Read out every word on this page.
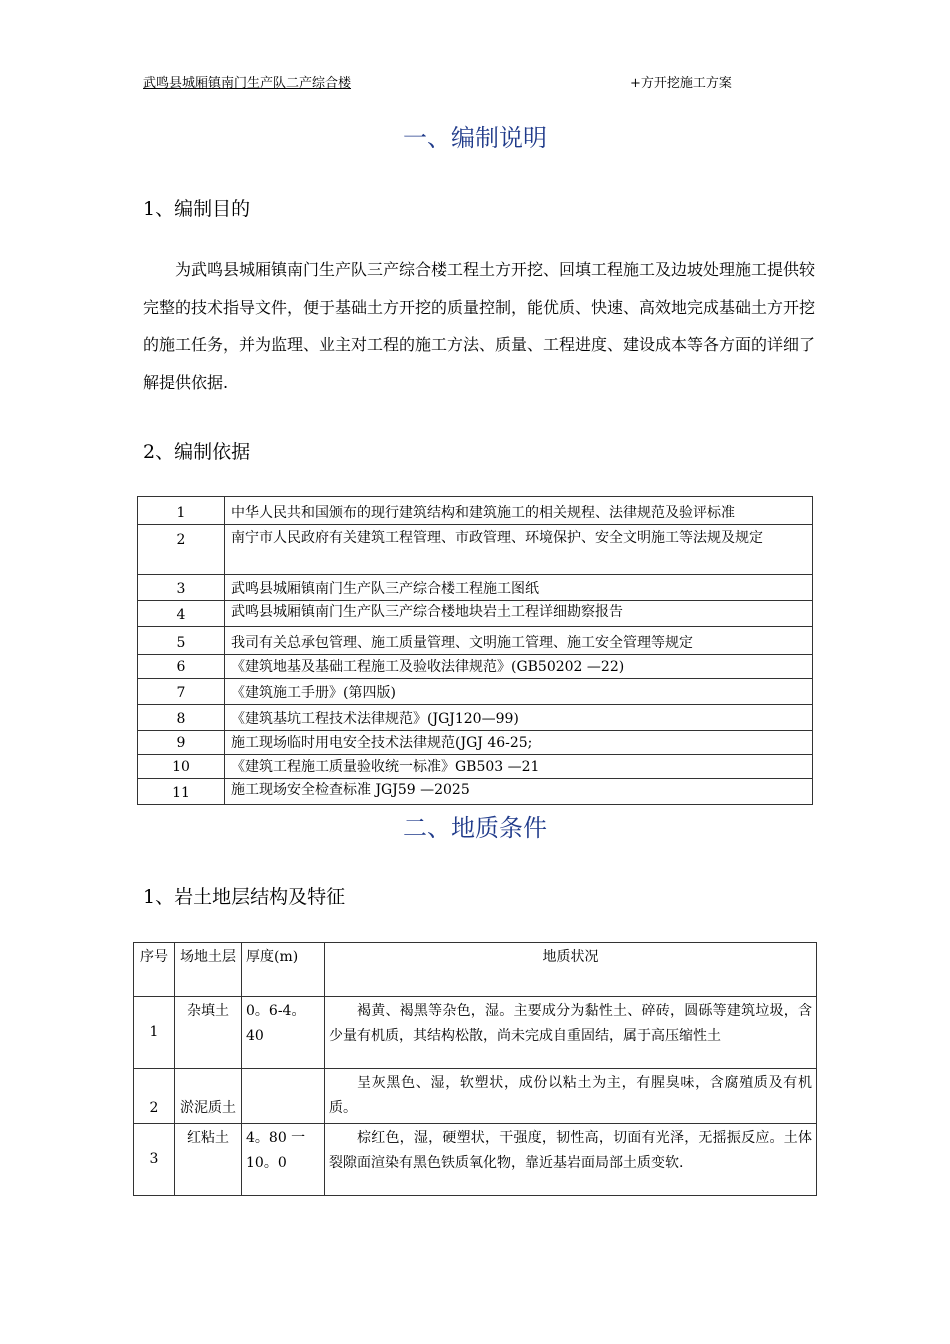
武鸣县城厢镇南门生产队二产综合楼	+方开挖施工方案
一、编制说明
1、编制目的

为武鸣县城厢镇南门生产队三产综合楼工程土方开挖、回填工程施工及边坡处理施工提供较完整的技术指导文件，便于基础土方开挖的质量控制，能优质、快速、高效地完成基础土方开挖的施工任务，并为监理、业主对工程的施工方法、质量、工程进度、建设成本等各方面的详细了解提供依据.

2、编制依据
1	中华人民共和国颁布的现行建筑结构和建筑施工的相关规程、法律规范及验评标准
2	南宁市人民政府有关建筑工程管理、市政管理、环境保护、安全文明施工等法规及规定
3	武鸣县城厢镇南门生产队三产综合楼工程施工图纸
4	武鸣县城厢镇南门生产队三产综合楼地块岩土工程详细勘察报告
5	我司有关总承包管理、施工质量管理、文明施工管理、施工安全管理等规定
6	《建筑地基及基础工程施工及验收法律规范》(GB50202 —22)
7	《建筑施工手册》(第四版)
8	《建筑基坑工程技术法律规范》(JGJ120—99)
9	施工现场临时用电安全技术法律规范(JGJ 46-25;
10	《建筑工程施工质量验收统一标准》GB503 —21
11	施工现场安全检查标准 JGJ59 —2025
二、地质条件
1、岩土地层结构及特征
序号	场地土层	厚度(m)	地质状况
1	杂填土	0。6-4。40	褐黄、褐黑等杂色，湿。主要成分为黏性土、碎砖，圆砾等建筑垃圾，含少量有机质，其结构松散，尚未完成自重固结，属于高压缩性土
2	淤泥质土		呈灰黑色、湿，软塑状，成份以粘土为主，有腥臭味，含腐殖质及有机质。
3	红粘土	4。80 一 10。0	棕红色，湿，硬塑状，干强度，韧性高，切面有光泽，无摇振反应。土体裂隙面渲染有黑色铁质氧化物，靠近基岩面局部土质变软.
